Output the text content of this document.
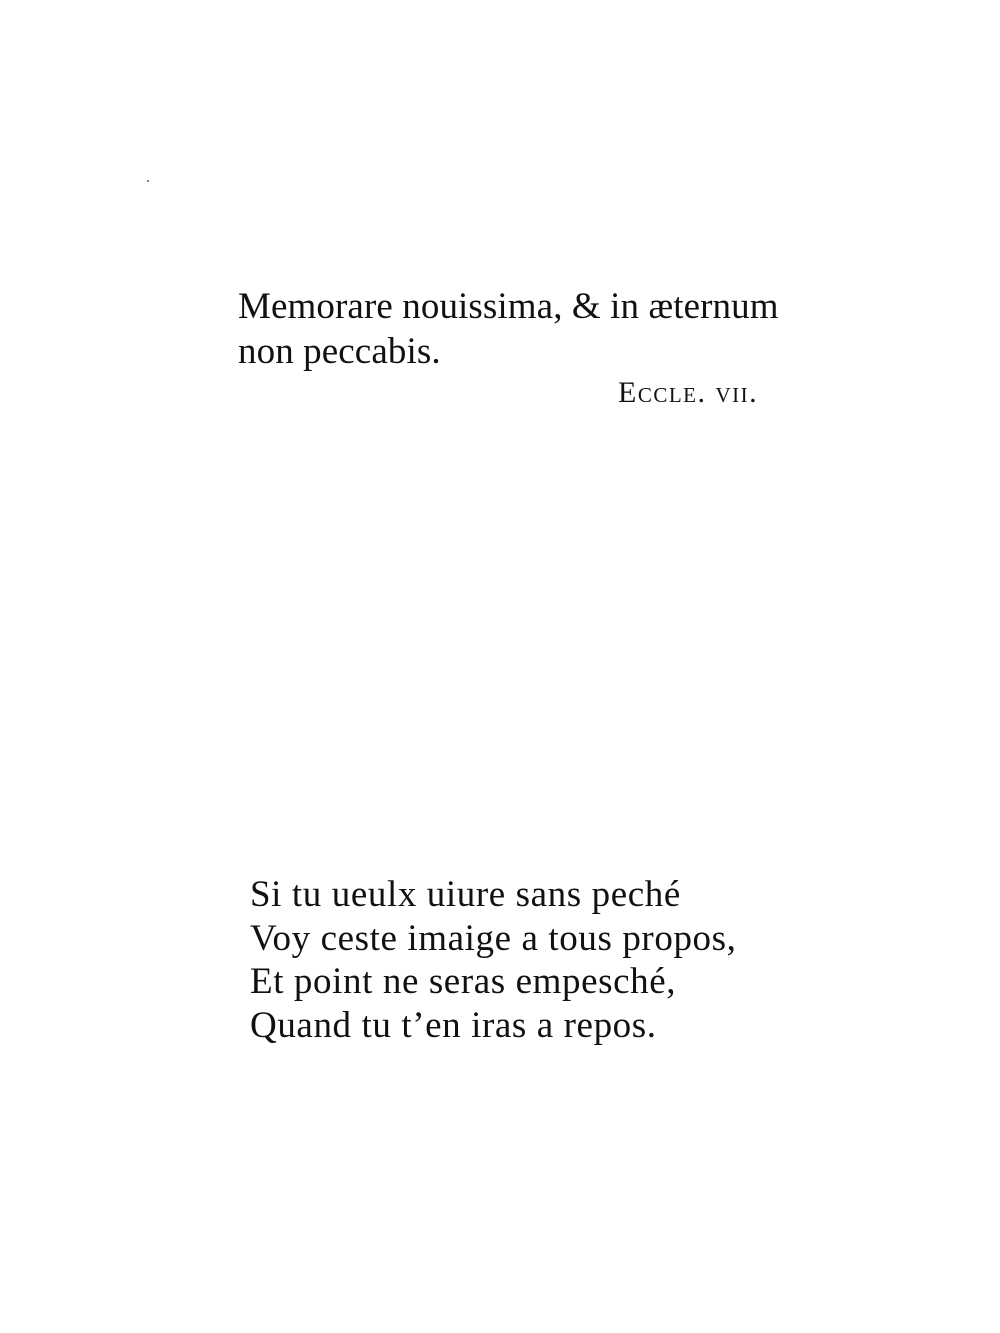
Memorare nouissima, & in æternum
non peccabis.
Eccle. vii.
Si tu ueulx uiure sans peché
Voy ceste imaige a tous propos,
Et point ne seras empesché,
Quand tu t’en iras a repos.
